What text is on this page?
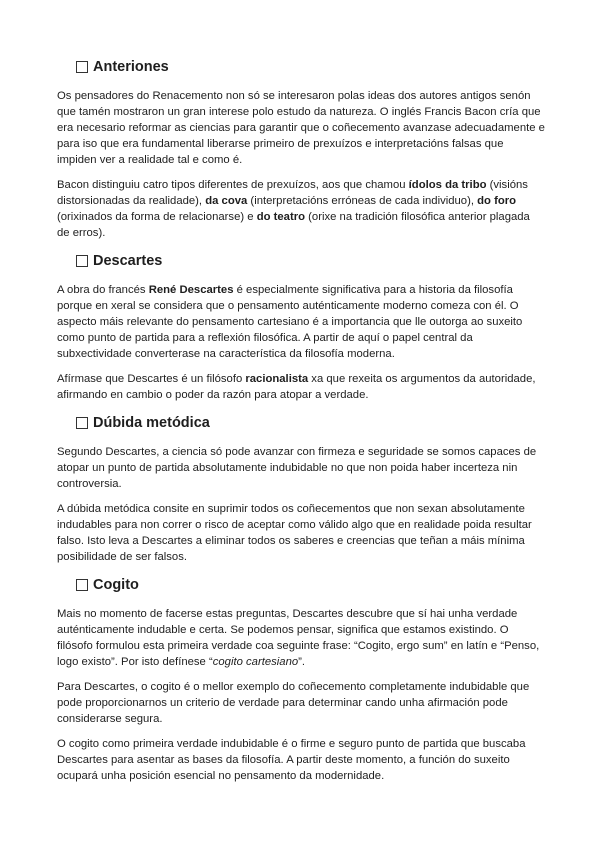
Anteriones

Os pensadores do Renacemento non só se interesaron polas ideas dos autores antigos senón que tamén mostraron un gran interese polo estudo da natureza. O inglés Francis Bacon cría que era necesario reformar as ciencias para garantir que o coñecemento avanzase adecuadamente e para iso que era fundamental liberarse primeiro de prexuízos e interpretacións falsas que impiden ver a realidade tal e como é.

Bacon distinguiu catro tipos diferentes de prexuízos, aos que chamou ídolos da tribo (visións distorsionadas da realidade), da cova (interpretacións erróneas de cada individuo), do foro (orixinados da forma de relacionarse) e do teatro (orixe na tradición filosófica anterior plagada de erros).

Descartes

A obra do francés René Descartes é especialmente significativa para a historia da filosofía porque en xeral se considera que o pensamento auténticamente moderno comeza con él. O aspecto máis relevante do pensamento cartesiano é a importancia que lle outorga ao suxeito como punto de partida para a reflexión filosófica. A partir de aquí o papel central da subxectividade converterase na característica da filosofía moderna.

Afírmase que Descartes é un filósofo racionalista xa que rexeita os argumentos da autoridade, afirmando en cambio o poder da razón para atopar a verdade.

Dúbida metódica

Segundo Descartes, a ciencia só pode avanzar con firmeza e seguridade se somos capaces de atopar un punto de partida absolutamente indubidable no que non poida haber incerteza nin controversia.

A dúbida metódica consite en suprimir todos os coñecementos que non sexan absolutamente indudables para non correr o risco de aceptar como válido algo que en realidade poida resultar falso. Isto leva a Descartes a eliminar todos os saberes e creencias que teñan a máis mínima posibilidade de ser falsos.

Cogito

Mais no momento de facerse estas preguntas, Descartes descubre que sí hai unha verdade auténticamente indudable e certa. Se podemos pensar, significa que estamos existindo. O filósofo formulou esta primeira verdade coa seguinte frase: “Cogito, ergo sum” en latín e “Penso, logo existo”. Por isto defínese “cogito cartesiano”.

Para Descartes, o cogito é o mellor exemplo do coñecemento completamente indubidable que pode proporcionarnos un criterio de verdade para determinar cando unha afirmación pode considerarse segura.

O cogito como primeira verdade indubidable é o firme e seguro punto de partida que buscaba Descartes para asentar as bases da filosofía. A partir deste momento, a función do suxeito ocupará unha posición esencial no pensamento da modernidade.
